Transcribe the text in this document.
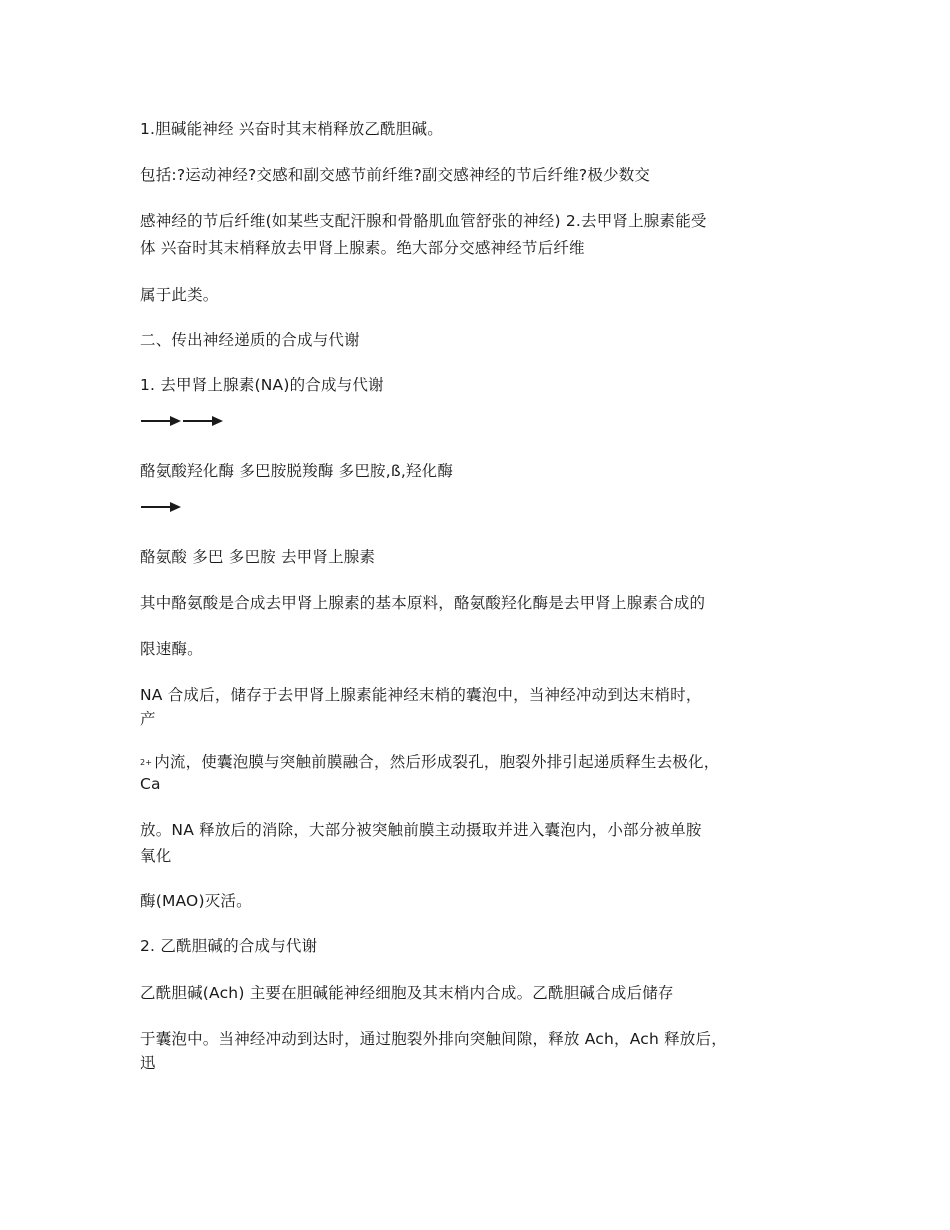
1.胆碱能神经 兴奋时其末梢释放乙酰胆碱。

包括:?运动神经?交感和副交感节前纤维?副交感神经的节后纤维?极少数交

感神经的节后纤维(如某些支配汗腺和骨骼肌血管舒张的神经) 2.去甲肾上腺素能受

体 兴奋时其末梢释放去甲肾上腺素。绝大部分交感神经节后纤维

属于此类。

二、传出神经递质的合成与代谢

1. 去甲肾上腺素(NA)的合成与代谢

酪氨酸羟化酶 多巴胺脱羧酶 多巴胺,ß,羟化酶

酪氨酸 多巴 多巴胺 去甲肾上腺素

其中酪氨酸是合成去甲肾上腺素的基本原料，酪氨酸羟化酶是去甲肾上腺素合成的

限速酶。

NA 合成后，储存于去甲肾上腺素能神经末梢的囊泡中，当神经冲动到达末梢时，

产

2+ 内流，使囊泡膜与突触前膜融合，然后形成裂孔，胞裂外排引起递质释生去极化，

Ca

放。NA 释放后的消除，大部分被突触前膜主动摄取并进入囊泡内，小部分被单胺

氧化

酶(MAO)灭活。

2. 乙酰胆碱的合成与代谢

乙酰胆碱(Ach) 主要在胆碱能神经细胞及其末梢内合成。乙酰胆碱合成后储存

于囊泡中。当神经冲动到达时，通过胞裂外排向突触间隙，释放 Ach，Ach 释放后，

迅
